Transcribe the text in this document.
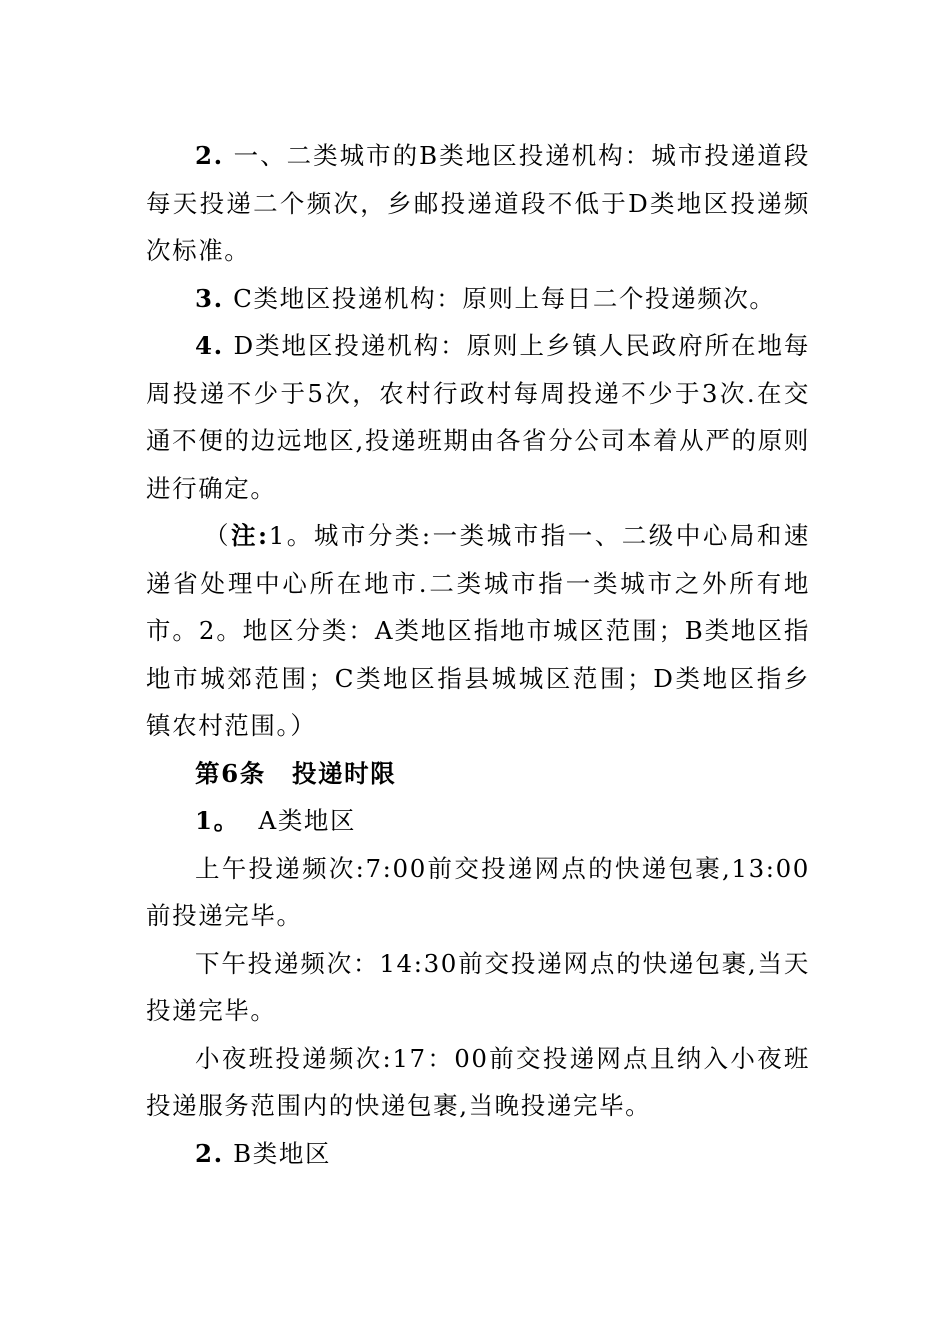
2. 一、二类城市的B类地区投递机构：城市投递道段每天投递二个频次，乡邮投递道段不低于D类地区投递频次标准。

3. C类地区投递机构：原则上每日二个投递频次。

4. D类地区投递机构：原则上乡镇人民政府所在地每周投递不少于5次，农村行政村每周投递不少于3次.在交通不便的边远地区,投递班期由各省分公司本着从严的原则进行确定。

（注:1。城市分类:一类城市指一、二级中心局和速递省处理中心所在地市.二类城市指一类城市之外所有地市。2。地区分类：A类地区指地市城区范围；B类地区指地市城郊范围；C类地区指县城城区范围；D类地区指乡镇农村范围。）

第6条　投递时限

1。  A类地区

上午投递频次:7:00前交投递网点的快递包裹,13:00前投递完毕。

下午投递频次：14:30前交投递网点的快递包裹,当天投递完毕。

小夜班投递频次:17：00前交投递网点且纳入小夜班投递服务范围内的快递包裹,当晚投递完毕。

2. B类地区
